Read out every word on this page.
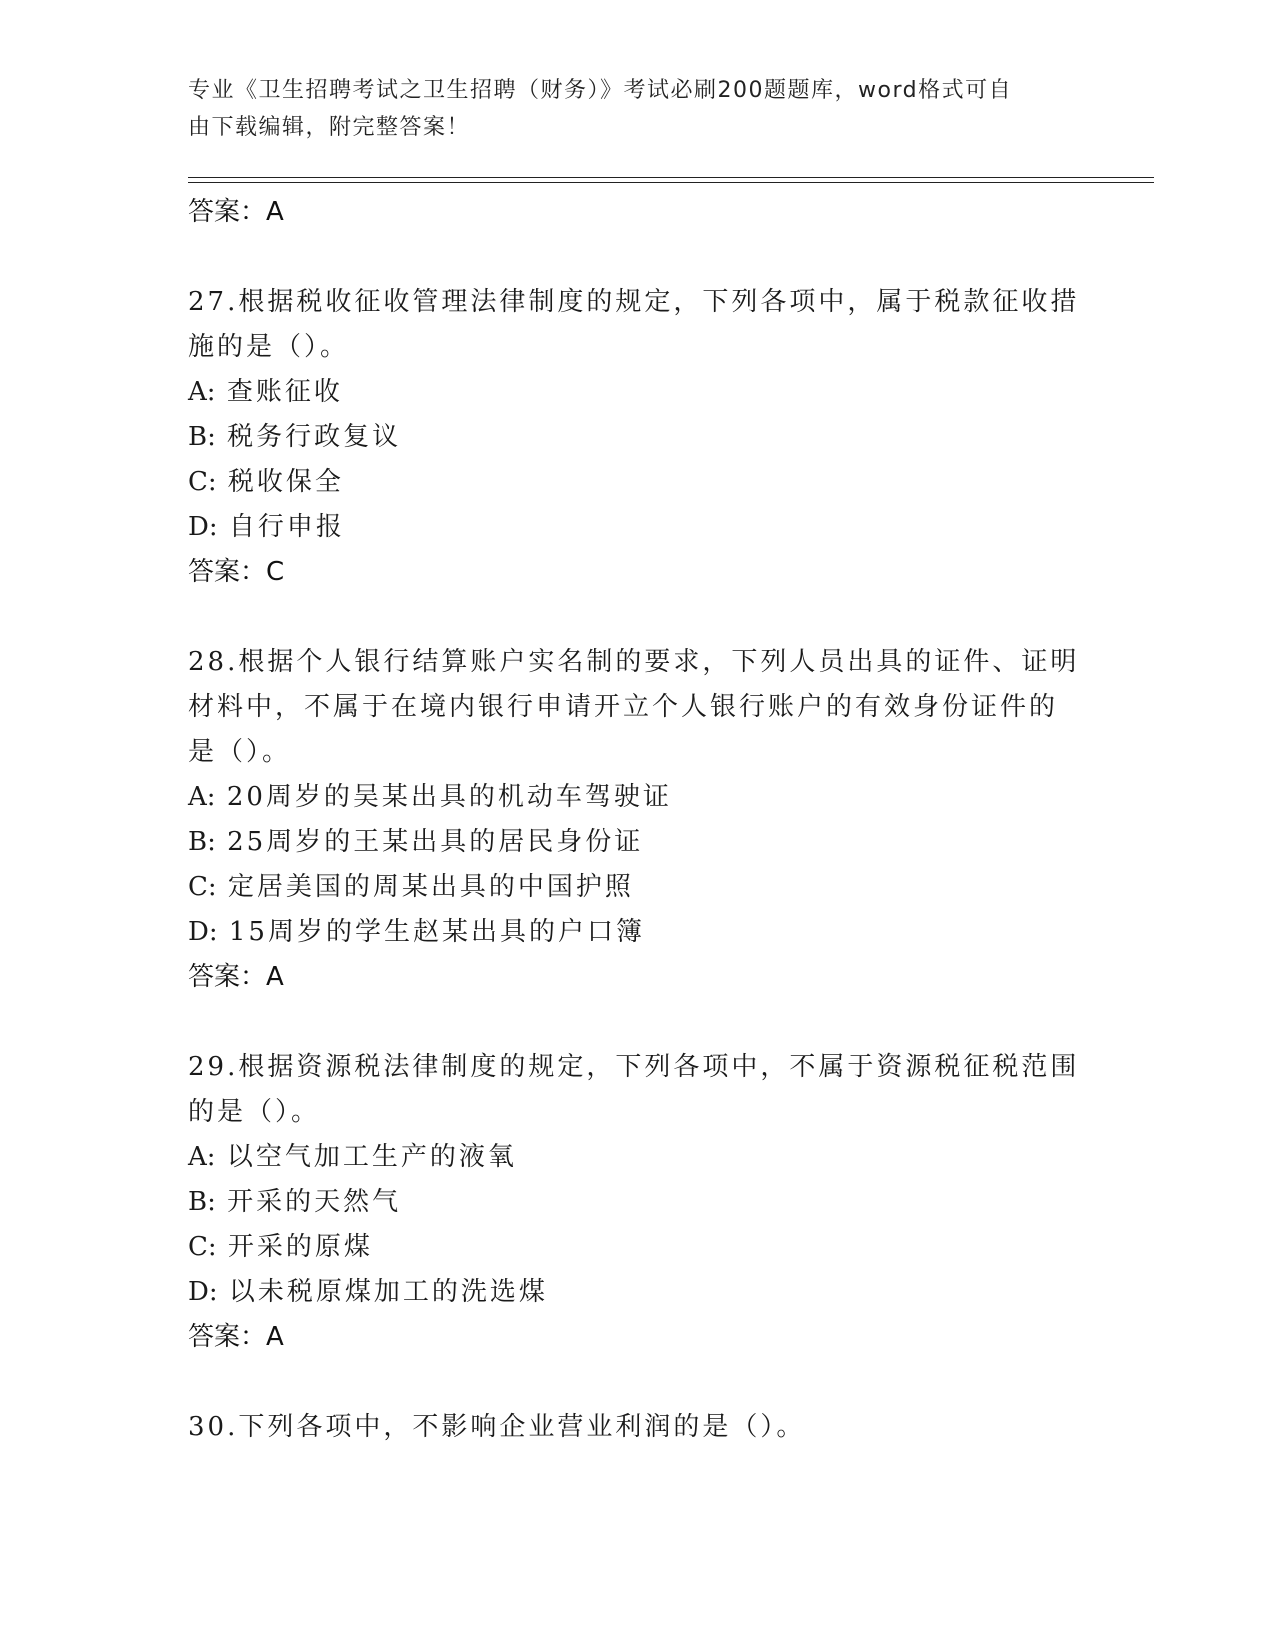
专业《卫生招聘考试之卫生招聘（财务）》考试必刷200题题库，word格式可自
由下载编辑，附完整答案！
答案：A
27.根据税收征收管理法律制度的规定，下列各项中，属于税款征收措
施的是（）。
A: 查账征收
B: 税务行政复议
C: 税收保全
D: 自行申报
答案：C
28.根据个人银行结算账户实名制的要求，下列人员出具的证件、证明
材料中，不属于在境内银行申请开立个人银行账户的有效身份证件的
是（）。
A: 20周岁的吴某出具的机动车驾驶证
B: 25周岁的王某出具的居民身份证
C: 定居美国的周某出具的中国护照
D: 15周岁的学生赵某出具的户口簿
答案：A
29.根据资源税法律制度的规定，下列各项中，不属于资源税征税范围
的是（）。
A: 以空气加工生产的液氧
B: 开采的天然气
C: 开采的原煤
D: 以未税原煤加工的洗选煤
答案：A
30.下列各项中，不影响企业营业利润的是（）。
